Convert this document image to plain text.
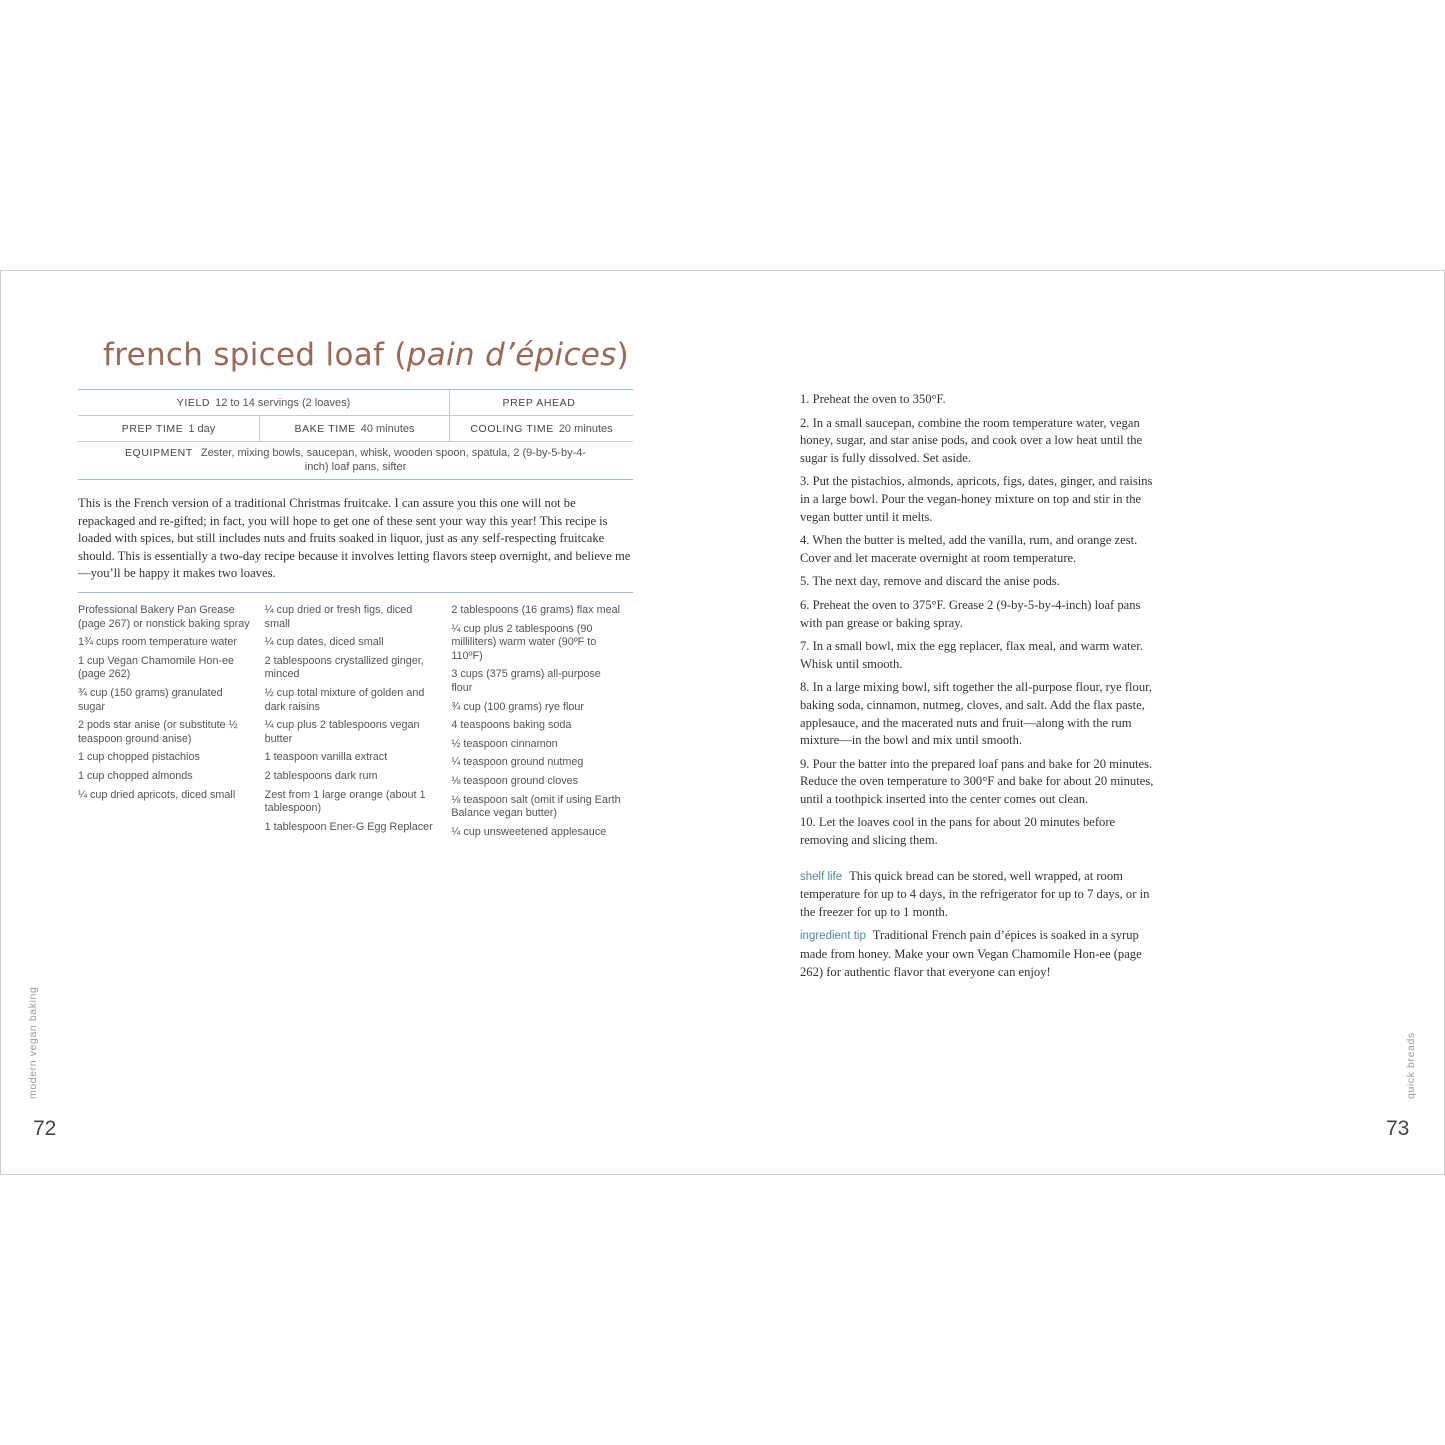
french spiced loaf (pain d’épices)
YIELD 12 to 14 servings (2 loaves)	PREP AHEAD
PREP TIME 1 day	BAKE TIME 40 minutes	COOLING TIME 20 minutes
EQUIPMENT Zester, mixing bowls, saucepan, whisk, wooden spoon, spatula, 2 (9-by-5-by-4-inch) loaf pans, sifter

This is the French version of a traditional Christmas fruitcake. I can assure you this one will not be repackaged and re-gifted; in fact, you will hope to get one of these sent your way this year! This recipe is loaded with spices, but still includes nuts and fruits soaked in liquor, just as any self-respecting fruitcake should. This is essentially a two-day recipe because it involves letting flavors steep overnight, and believe me—you’ll be happy it makes two loaves.

Professional Bakery Pan Grease (page 267) or nonstick baking spray

1¾ cups room temperature water

1 cup Vegan Chamomile Hon-ee (page 262)

¾ cup (150 grams) granulated sugar

2 pods star anise (or substitute ½ teaspoon ground anise)

1 cup chopped pistachios

1 cup chopped almonds

¼ cup dried apricots, diced small

¼ cup dried or fresh figs, diced small

¼ cup dates, diced small

2 tablespoons crystallized ginger, minced

½ cup total mixture of golden and dark raisins

¼ cup plus 2 tablespoons vegan butter

1 teaspoon vanilla extract

2 tablespoons dark rum

Zest from 1 large orange (about 1 tablespoon)

1 tablespoon Ener-G Egg Replacer

2 tablespoons (16 grams) flax meal

¼ cup plus 2 tablespoons (90 milliliters) warm water (90ºF to 110ºF)

3 cups (375 grams) all-purpose flour

¾ cup (100 grams) rye flour

4 teaspoons baking soda

½ teaspoon cinnamon

¼ teaspoon ground nutmeg

⅛ teaspoon ground cloves

⅛ teaspoon salt (omit if using Earth Balance vegan butter)

¼ cup unsweetened applesauce

modern vegan baking
72

1. Preheat the oven to 350°F.

2. In a small saucepan, combine the room temperature water, vegan honey, sugar, and star anise pods, and cook over a low heat until the sugar is fully dissolved. Set aside.

3. Put the pistachios, almonds, apricots, figs, dates, ginger, and raisins in a large bowl. Pour the vegan-honey mixture on top and stir in the vegan butter until it melts.

4. When the butter is melted, add the vanilla, rum, and orange zest. Cover and let macerate overnight at room temperature.

5. The next day, remove and discard the anise pods.

6. Preheat the oven to 375°F. Grease 2 (9-by-5-by-4-inch) loaf pans with pan grease or baking spray.

7. In a small bowl, mix the egg replacer, flax meal, and warm water. Whisk until smooth.

8. In a large mixing bowl, sift together the all-purpose flour, rye flour, baking soda, cinnamon, nutmeg, cloves, and salt. Add the flax paste, applesauce, and the macerated nuts and fruit—along with the rum mixture—in the bowl and mix until smooth.

9. Pour the batter into the prepared loaf pans and bake for 20 minutes. Reduce the oven temperature to 300°F and bake for about 20 minutes, until a toothpick inserted into the center comes out clean.

10. Let the loaves cool in the pans for about 20 minutes before removing and slicing them.

shelf life This quick bread can be stored, well wrapped, at room temperature for up to 4 days, in the refrigerator for up to 7 days, or in the freezer for up to 1 month.

ingredient tip Traditional French pain d’épices is soaked in a syrup made from honey. Make your own Vegan Chamomile Hon-ee (page 262) for authentic flavor that everyone can enjoy!

quick breads
73
